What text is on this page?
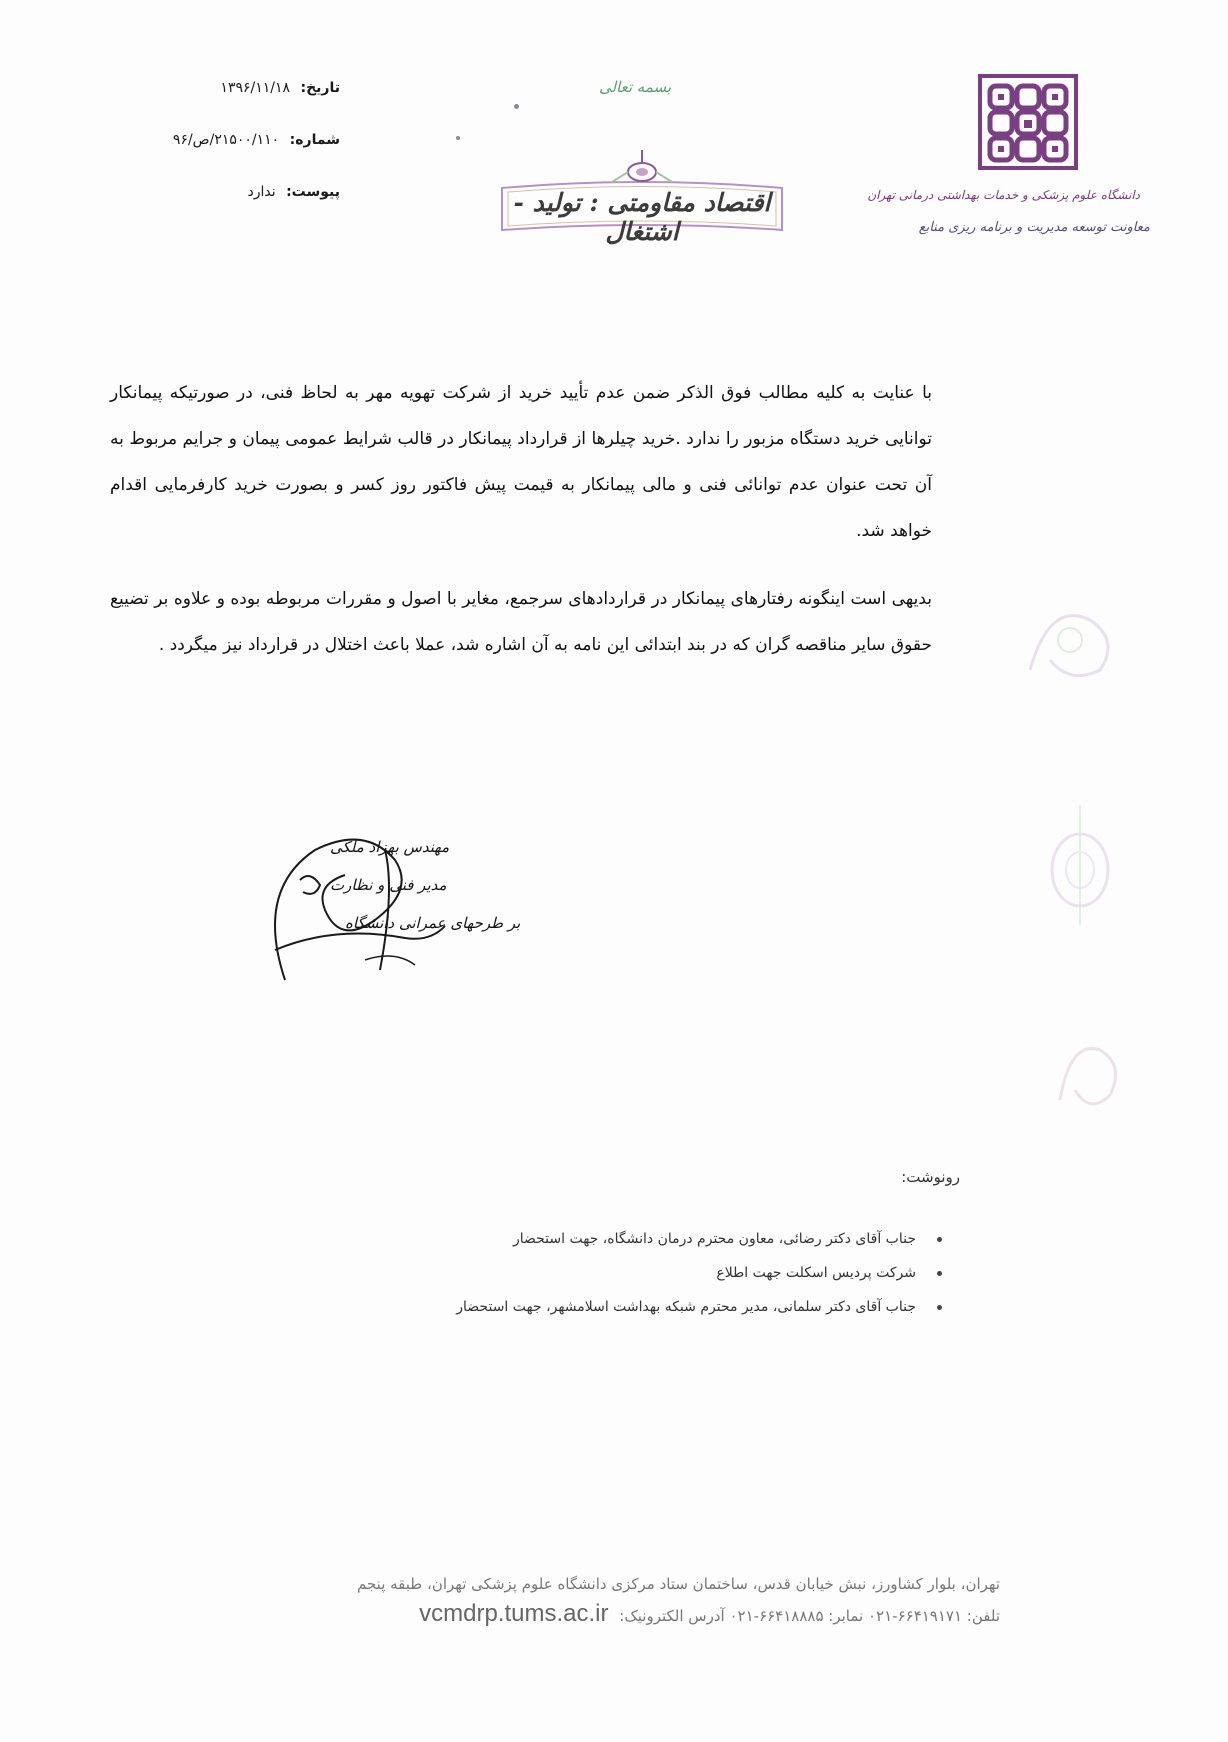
دانشگاه علوم پزشکی و خدمات بهداشتی درمانی تهران
معاونت توسعه مدیریت و برنامه ریزی منابع
بسمه تعالی
اقتصاد مقاومتی : تولید - اشتغال
تاریخ: ۱۳۹۶/۱۱/۱۸
شماره: ۲۱۵۰۰/۱۱۰/ص/۹۶
پیوست: ندارد

با عنایت به کلیه مطالب فوق الذکر ضمن عدم تأیید خرید از شرکت تهویه مهر به لحاظ فنی، در صورتیکه پیمانکار توانایی خرید دستگاه مزبور را ندارد .خرید چیلرها از قرارداد پیمانکار در قالب شرایط عمومی پیمان و جرایم مربوط به آن تحت عنوان عدم توانائی فنی و مالی پیمانکار به قیمت پیش فاکتور روز کسر و بصورت خرید کارفرمایی اقدام خواهد شد.

بدیهی است اینگونه رفتارهای پیمانکار در قراردادهای سرجمع، مغایر با اصول و مقررات مربوطه بوده و علاوه بر تضییع حقوق سایر مناقصه گران که در بند ابتدائی این نامه به آن اشاره شد، عملا باعث اختلال در قرارداد نیز میگردد .

مهندس بهزاد ملکی
مدیر فنی و نظارت
بر طرحهای عمرانی دانشگاه
رونوشت:
جناب آقای دکتر رضائی، معاون محترم درمان دانشگاه، جهت استحضار
شرکت پردیس اسکلت جهت اطلاع
جناب آقای دکتر سلمانی، مدیر محترم شبکه بهداشت اسلامشهر، جهت استحضار
تهران، بلوار کشاورز، نبش خیابان قدس، ساختمان ستاد مرکزی دانشگاه علوم پزشکی تهران، طبقه پنجم
تلفن: ۶۶۴۱۹۱۷۱-۰۲۱ نمابر: ۶۶۴۱۸۸۸۵-۰۲۱ آدرس الکترونیک: vcmdrp.tums.ac.ir
